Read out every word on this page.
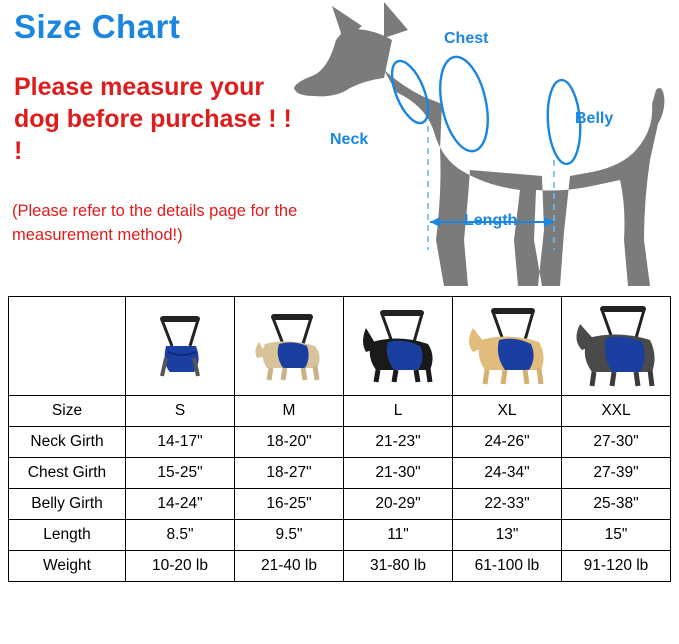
Size Chart
Please measure your dog before purchase ! ! !
(Please refer to the details page for the measurement method!)
Chest
Neck
Belly
Length

Size	S	M	L	XL	XXL
Neck Girth	14-17"	18-20"	21-23"	24-26"	27-30"
Chest Girth	15-25"	18-27"	21-30"	24-34"	27-39"
Belly Girth	14-24"	16-25"	20-29"	22-33"	25-38"
Length	8.5"	9.5"	11"	13"	15"
Weight	10-20 lb	21-40 lb	31-80 lb	61-100 lb	91-120 lb
